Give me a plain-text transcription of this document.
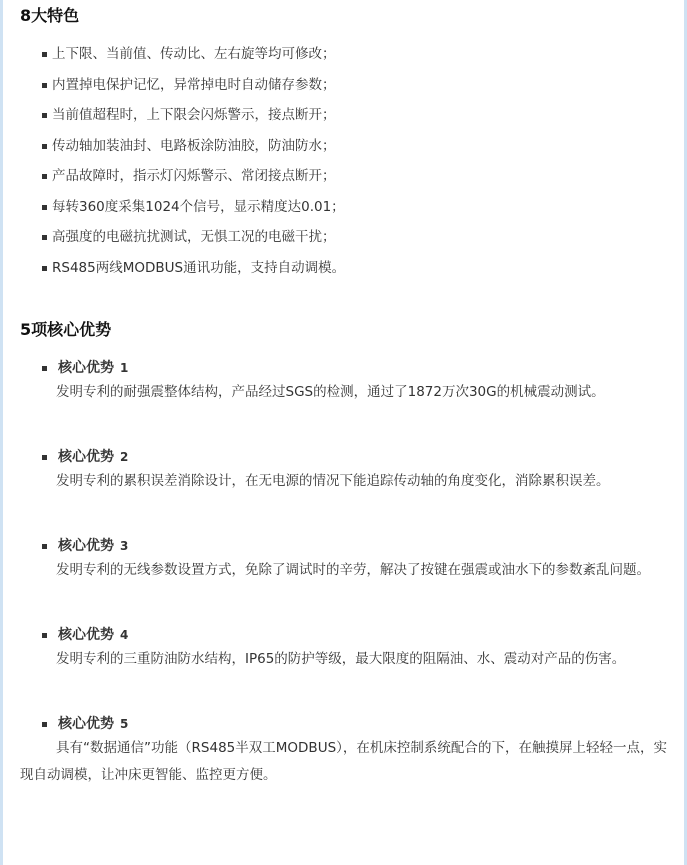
8大特色
上下限、当前值、传动比、左右旋等均可修改；
内置掉电保护记忆，异常掉电时自动储存参数；
当前值超程时，上下限会闪烁警示，接点断开；
传动轴加装油封、电路板涂防油胶，防油防水；
产品故障时，指示灯闪烁警示、常闭接点断开；
每转360度采集1024个信号，显示精度达0.01；
高强度的电磁抗扰测试，无惧工况的电磁干扰；
RS485两线MODBUS通讯功能，支持自动调模。
5项核心优势
核心优势 1

发明专利的耐强震整体结构，产品经过SGS的检测，通过了1872万次30G的机械震动测试。

核心优势 2

发明专利的累积误差消除设计，在无电源的情况下能追踪传动轴的角度变化，消除累积误差。

核心优势 3

发明专利的无线参数设置方式，免除了调试时的辛劳，解决了按键在强震或油水下的参数紊乱问题。

核心优势 4

发明专利的三重防油防水结构，IP65的防护等级，最大限度的阻隔油、水、震动对产品的伤害。

核心优势 5

具有“数据通信”功能（RS485半双工MODBUS），在机床控制系统配合的下，在触摸屏上轻轻一点，实现自动调模，让冲床更智能、监控更方便。
